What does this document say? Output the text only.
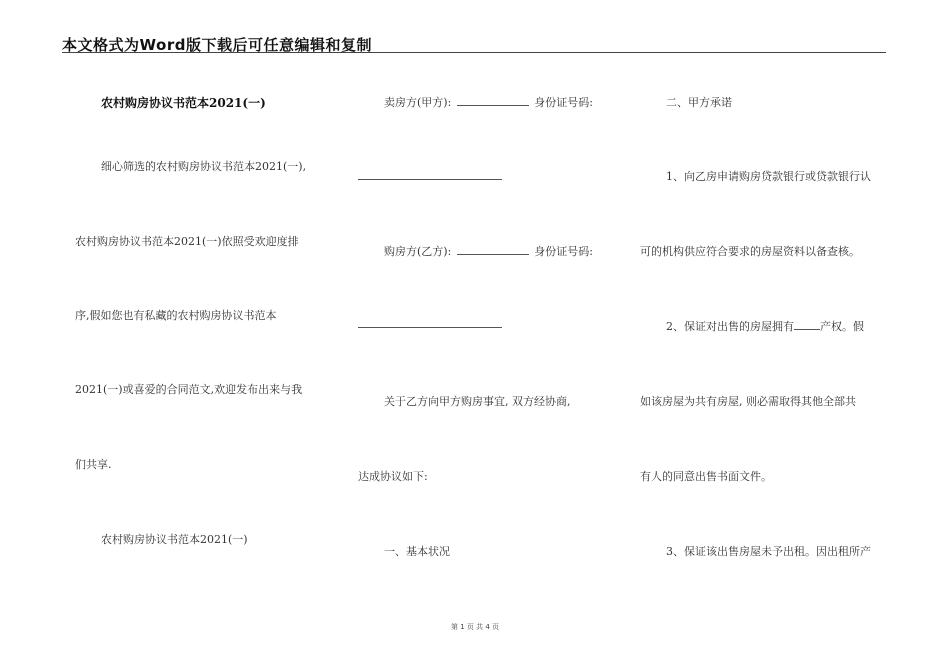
本文格式为Word版下载后可任意编辑和复制
农村购房协议书范本2021(一)
细心筛选的农村购房协议书范本2021(一),
农村购房协议书范本2021(一)依照受欢迎度排
序,假如您也有私藏的农村购房协议书范本
2021(一)或喜爱的合同范文,欢迎发布出来与我
们共享.
农村购房协议书范本2021(一)
卖房方(甲方):	身份证号码:
购房方(乙方):	身份证号码:
关于乙方向甲方购房事宜, 双方经协商,
达成协议如下:
一、基本状况
二、甲方承诺
1、向乙房申请购房贷款银行或贷款银行认
可的机构供应符合要求的房屋资料以备查核。
2、保证对出售的房屋拥有 产权。假
如该房屋为共有房屋, 则必需取得其他全部共
有人的同意出售书面文件。
3、保证该出售房屋未予出租。因出租所产
第 1 页 共 4 页
